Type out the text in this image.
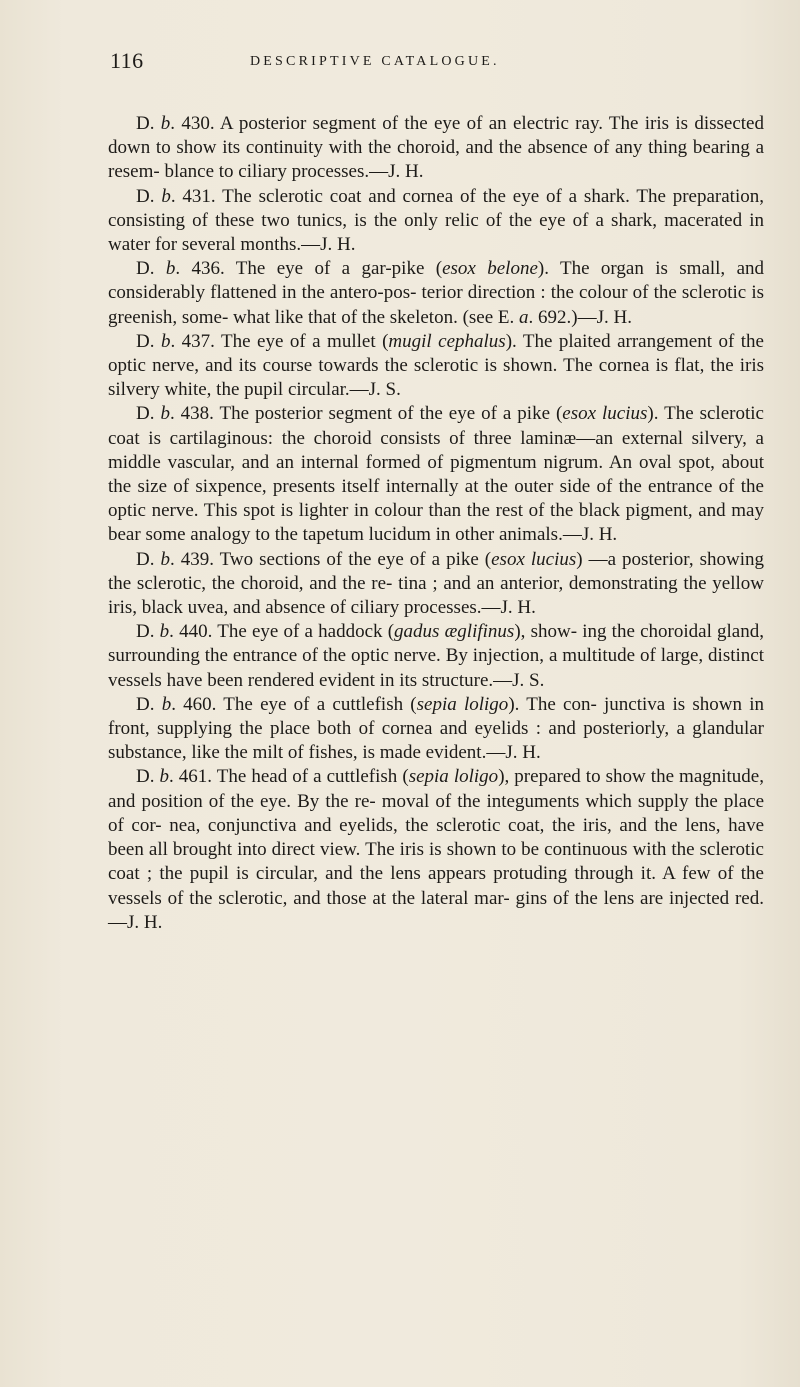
116	DESCRIPTIVE CATALOGUE.

D. b. 430. A posterior segment of the eye of an electric ray. The iris is dissected down to show its continuity with the choroid, and the absence of any thing bearing a resem- blance to ciliary processes.—J. H.

D. b. 431. The sclerotic coat and cornea of the eye of a shark. The preparation, consisting of these two tunics, is the only relic of the eye of a shark, macerated in water for several months.—J. H.

D. b. 436. The eye of a gar-pike (esox belone). The organ is small, and considerably flattened in the antero-pos- terior direction : the colour of the sclerotic is greenish, some- what like that of the skeleton. (see E. a. 692.)—J. H.

D. b. 437. The eye of a mullet (mugil cephalus). The plaited arrangement of the optic nerve, and its course towards the sclerotic is shown. The cornea is flat, the iris silvery white, the pupil circular.—J. S.

D. b. 438. The posterior segment of the eye of a pike (esox lucius). The sclerotic coat is cartilaginous: the choroid consists of three laminæ—an external silvery, a middle vascular, and an internal formed of pigmentum nigrum. An oval spot, about the size of sixpence, presents itself internally at the outer side of the entrance of the optic nerve. This spot is lighter in colour than the rest of the black pigment, and may bear some analogy to the tapetum lucidum in other animals.—J. H.

D. b. 439. Two sections of the eye of a pike (esox lucius) —a posterior, showing the sclerotic, the choroid, and the re- tina ; and an anterior, demonstrating the yellow iris, black uvea, and absence of ciliary processes.—J. H.

D. b. 440. The eye of a haddock (gadus æglifinus), show- ing the choroidal gland, surrounding the entrance of the optic nerve. By injection, a multitude of large, distinct vessels have been rendered evident in its structure.—J. S.

D. b. 460. The eye of a cuttlefish (sepia loligo). The con- junctiva is shown in front, supplying the place both of cornea and eyelids : and posteriorly, a glandular substance, like the milt of fishes, is made evident.—J. H.

D. b. 461. The head of a cuttlefish (sepia loligo), prepared to show the magnitude, and position of the eye. By the re- moval of the integuments which supply the place of cor- nea, conjunctiva and eyelids, the sclerotic coat, the iris, and the lens, have been all brought into direct view. The iris is shown to be continuous with the sclerotic coat ; the pupil is circular, and the lens appears protuding through it. A few of the vessels of the sclerotic, and those at the lateral mar- gins of the lens are injected red.—J. H.
